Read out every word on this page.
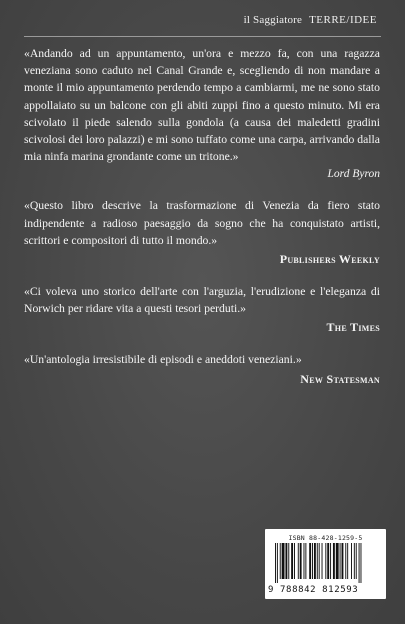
il Saggiatore TERRE/IDEE

«Andando ad un appuntamento, un'ora e mezzo fa, con una ragazza veneziana sono caduto nel Canal Grande e, scegliendo di non mandare a monte il mio appuntamento perdendo tempo a cambiarmi, me ne sono stato appollaiato su un balcone con gli abiti zuppi fino a questo minuto. Mi era scivolato il piede salendo sulla gondola (a causa dei maledetti gradini scivolosi dei loro palazzi) e mi sono tuffato come una carpa, arrivando dalla mia ninfa marina grondante come un tritone.»

Lord Byron

«Questo libro descrive la trasformazione di Venezia da fiero stato indipendente a radioso paesaggio da sogno che ha conquistato artisti, scrittori e compositori di tutto il mondo.»

Publishers Weekly

«Ci voleva uno storico dell'arte con l'arguzia, l'erudizione e l'eleganza di Norwich per ridare vita a questi tesori perduti.»

The Times

«Un'antologia irresistibile di episodi e aneddoti veneziani.»

New Statesman
ISBN 88-428-1259-5
9 788842 812593
